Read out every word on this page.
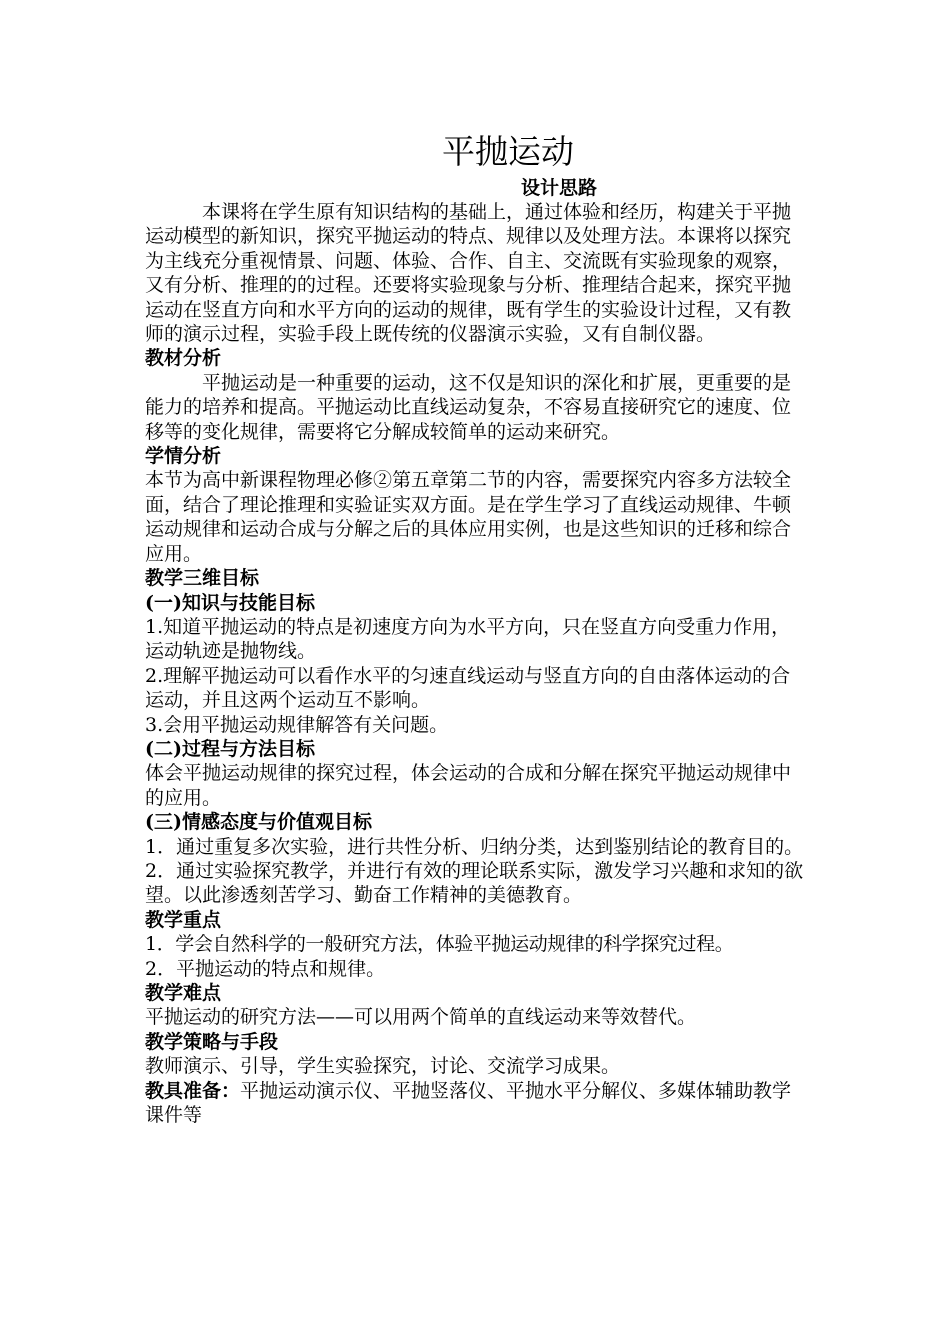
平抛运动

设计思路

本课将在学生原有知识结构的基础上，通过体验和经历，构建关于平抛运动模型的新知识，探究平抛运动的特点、规律以及处理方法。本课将以探究为主线充分重视情景、问题、体验、合作、自主、交流既有实验现象的观察，又有分析、推理的的过程。还要将实验现象与分析、推理结合起来，探究平抛运动在竖直方向和水平方向的运动的规律，既有学生的实验设计过程，又有教师的演示过程，实验手段上既传统的仪器演示实验，又有自制仪器。

教材分析

平抛运动是一种重要的运动，这不仅是知识的深化和扩展，更重要的是能力的培养和提高。平抛运动比直线运动复杂，不容易直接研究它的速度、位移等的变化规律，需要将它分解成较简单的运动来研究。

学情分析

本节为高中新课程物理必修②第五章第二节的内容，需要探究内容多方法较全面，结合了理论推理和实验证实双方面。是在学生学习了直线运动规律、牛顿运动规律和运动合成与分解之后的具体应用实例，也是这些知识的迁移和综合应用。

教学三维目标

(一)知识与技能目标

1.知道平抛运动的特点是初速度方向为水平方向，只在竖直方向受重力作用，运动轨迹是抛物线。

2.理解平抛运动可以看作水平的匀速直线运动与竖直方向的自由落体运动的合运动，并且这两个运动互不影响。

3.会用平抛运动规律解答有关问题。

(二)过程与方法目标

体会平抛运动规律的探究过程，体会运动的合成和分解在探究平抛运动规律中的应用。

(三)情感态度与价值观目标

1．通过重复多次实验，进行共性分析、归纳分类，达到鉴别结论的教育目的。

2．通过实验探究教学，并进行有效的理论联系实际，激发学习兴趣和求知的欲望。以此渗透刻苦学习、勤奋工作精神的美德教育。

教学重点

1．学会自然科学的一般研究方法，体验平抛运动规律的科学探究过程。

2．平抛运动的特点和规律。

教学难点

平抛运动的研究方法——可以用两个简单的直线运动来等效替代。

教学策略与手段

教师演示、引导，学生实验探究，讨论、交流学习成果。

教具准备：平抛运动演示仪、平抛竖落仪、平抛水平分解仪、多媒体辅助教学课件等
